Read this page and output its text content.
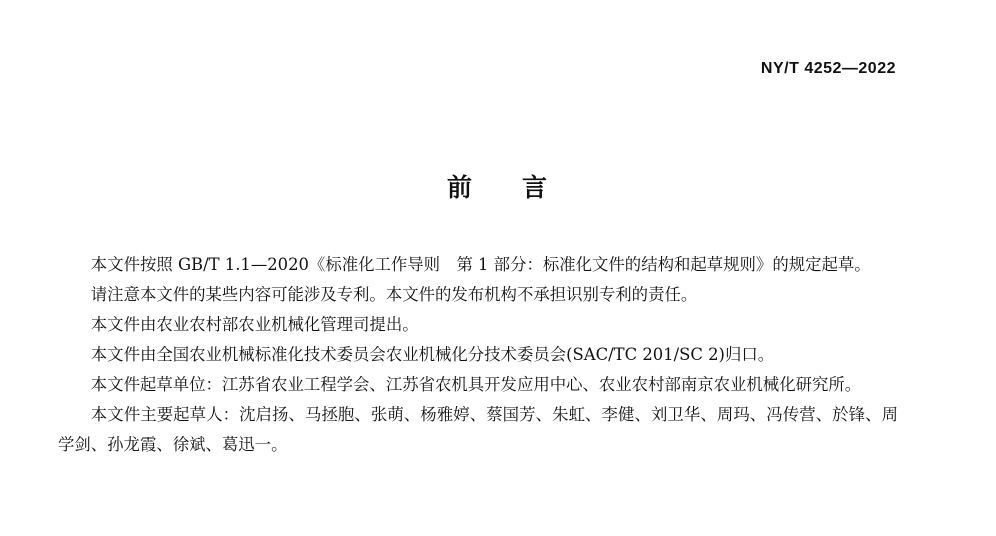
NY/T 4252—2022
前 言

本文件按照 GB/T 1.1—2020《标准化工作导则　第 1 部分：标准化文件的结构和起草规则》的规定起草。

请注意本文件的某些内容可能涉及专利。本文件的发布机构不承担识别专利的责任。

本文件由农业农村部农业机械化管理司提出。

本文件由全国农业机械标准化技术委员会农业机械化分技术委员会(SAC/TC 201/SC 2)归口。

本文件起草单位：江苏省农业工程学会、江苏省农机具开发应用中心、农业农村部南京农业机械化研究所。

本文件主要起草人：沈启扬、马拯胞、张萌、杨雅婷、蔡国芳、朱虹、李健、刘卫华、周玛、冯传营、於锋、周学剑、孙龙霞、徐斌、葛迅一。
